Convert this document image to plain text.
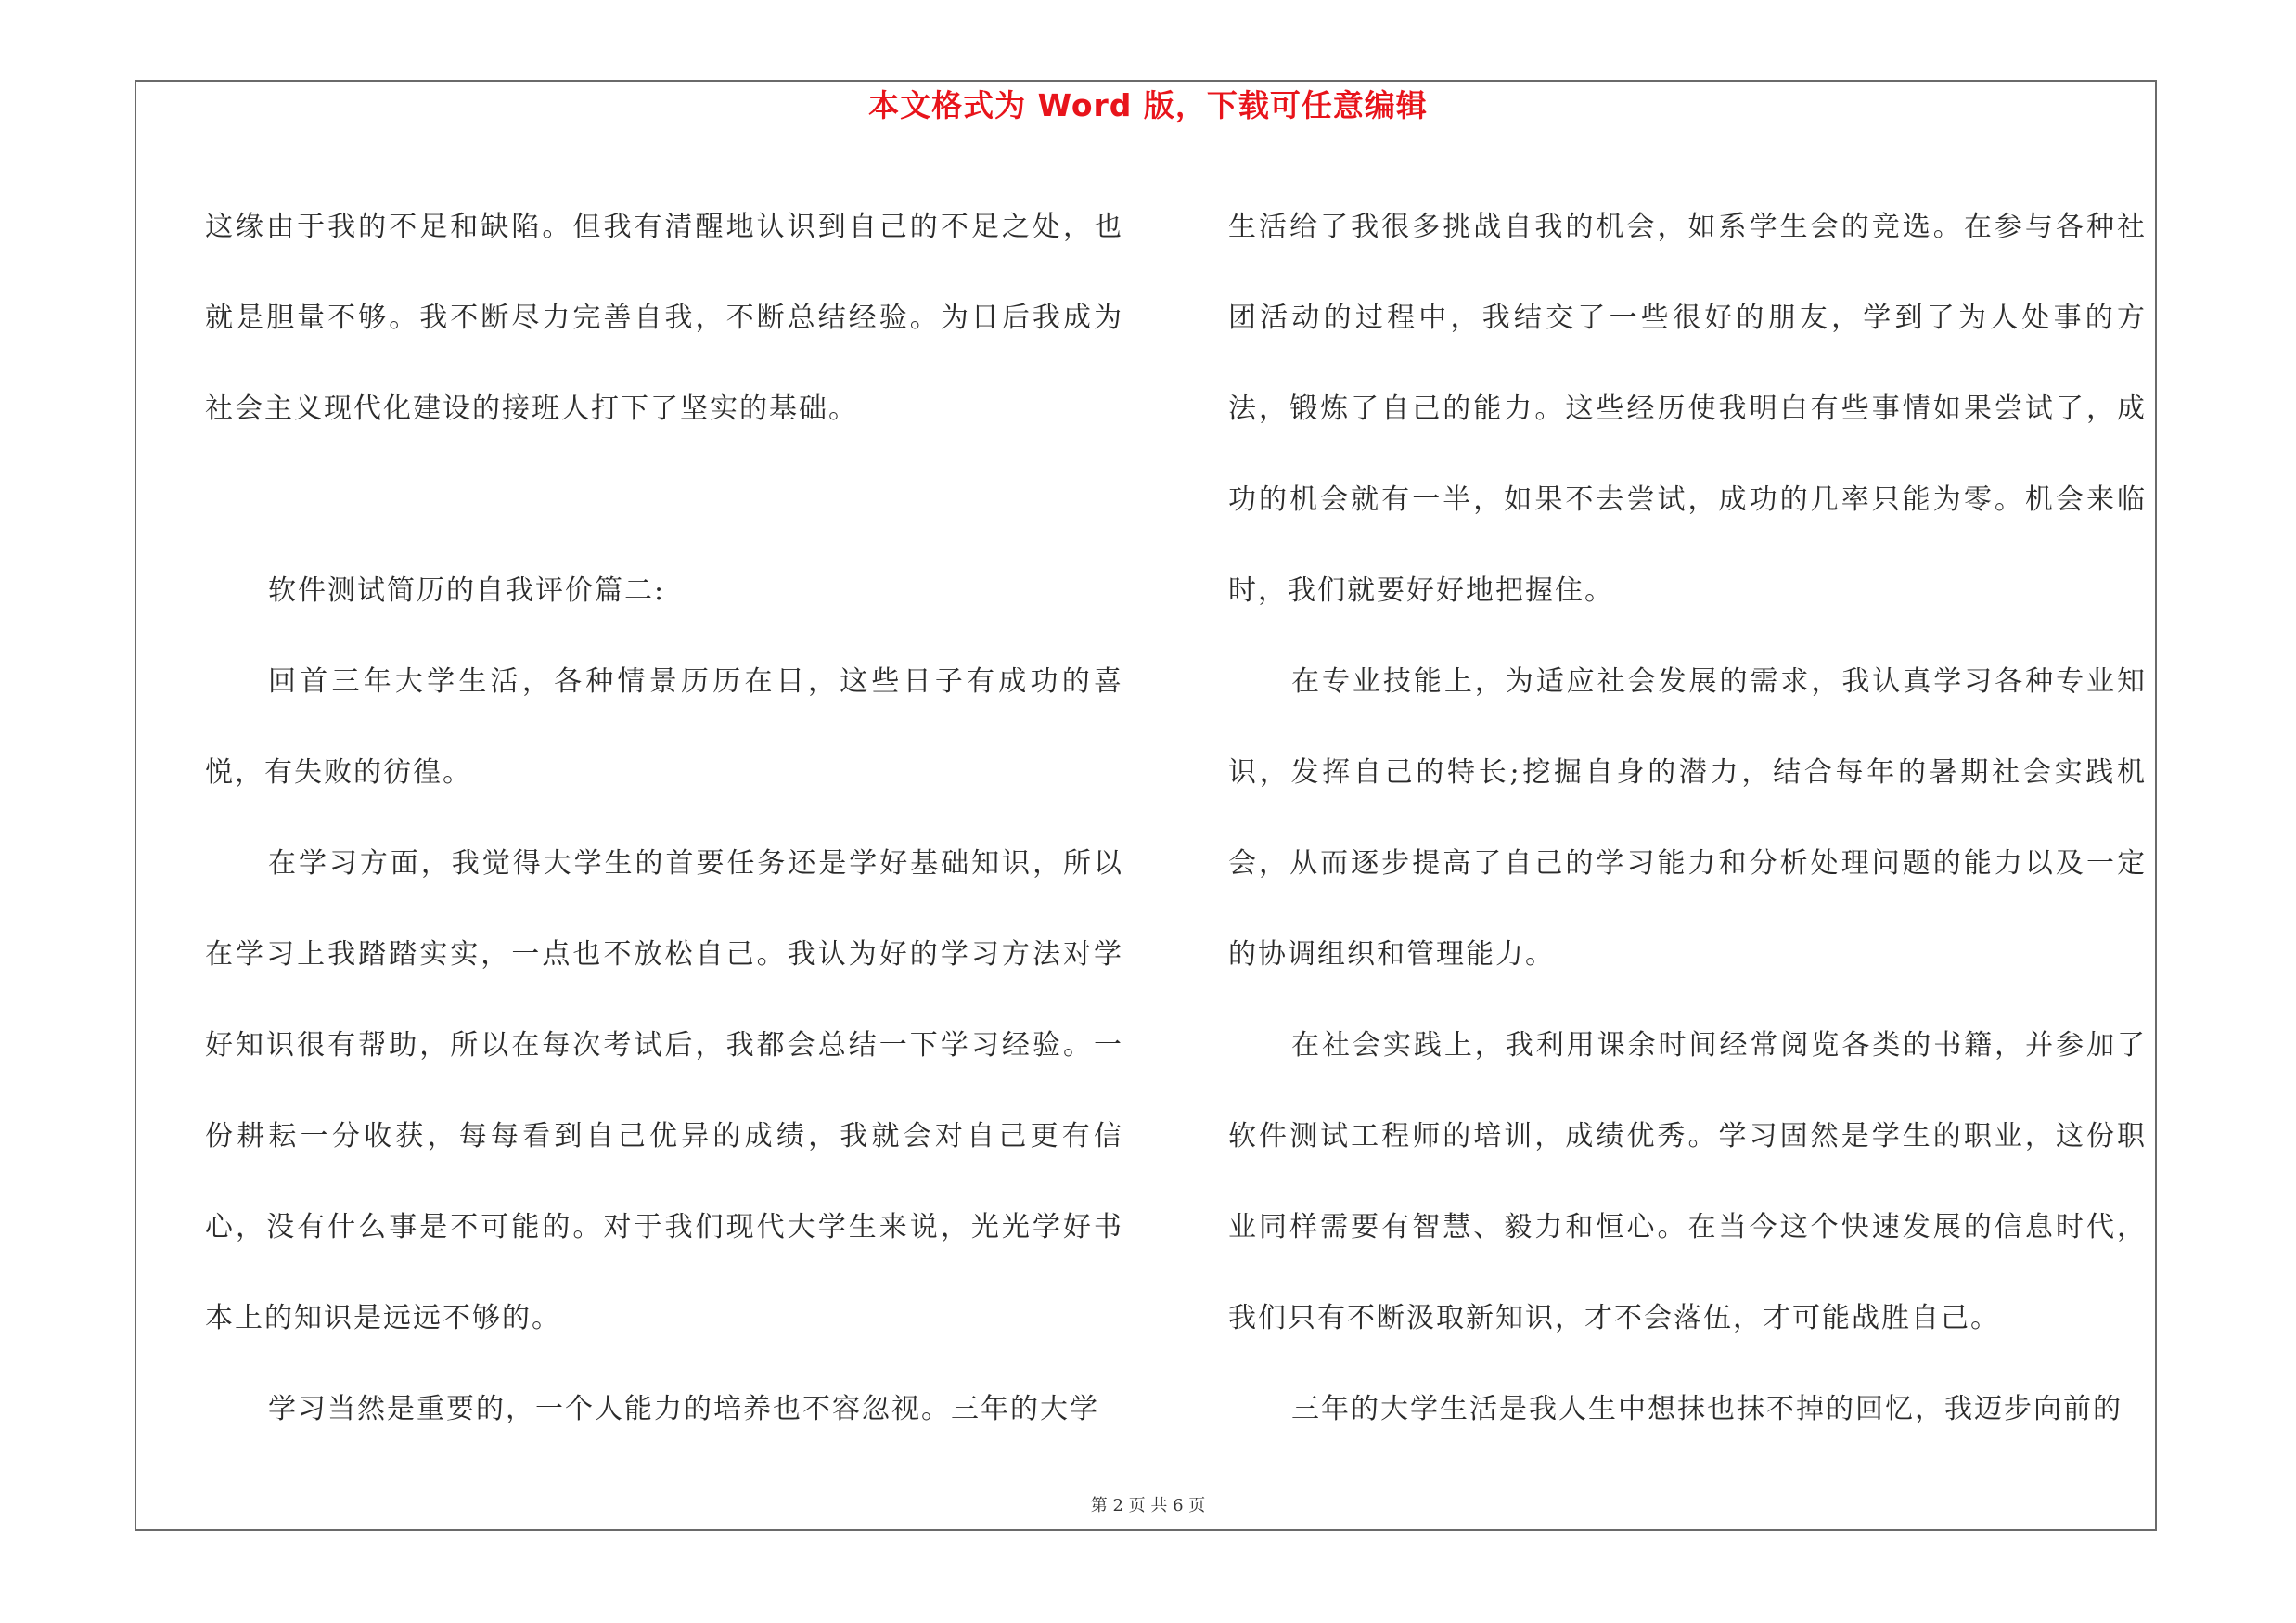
本文格式为 Word 版，下载可任意编辑

这缘由于我的不足和缺陷。但我有清醒地认识到自己的不足之处，也就是胆量不够。我不断尽力完善自我，不断总结经验。为日后我成为社会主义现代化建设的接班人打下了坚实的基础。

软件测试简历的自我评价篇二:

回首三年大学生活，各种情景历历在目，这些日子有成功的喜悦，有失败的彷徨。

在学习方面，我觉得大学生的首要任务还是学好基础知识，所以在学习上我踏踏实实，一点也不放松自己。我认为好的学习方法对学好知识很有帮助，所以在每次考试后，我都会总结一下学习经验。一份耕耘一分收获，每每看到自己优异的成绩，我就会对自己更有信心，没有什么事是不可能的。对于我们现代大学生来说，光光学好书本上的知识是远远不够的。

学习当然是重要的，一个人能力的培养也不容忽视。三年的大学

生活给了我很多挑战自我的机会，如系学生会的竞选。在参与各种社团活动的过程中，我结交了一些很好的朋友，学到了为人处事的方法，锻炼了自己的能力。这些经历使我明白有些事情如果尝试了，成功的机会就有一半，如果不去尝试，成功的几率只能为零。机会来临时，我们就要好好地把握住。

在专业技能上，为适应社会发展的需求，我认真学习各种专业知识，发挥自己的特长;挖掘自身的潜力，结合每年的暑期社会实践机会，从而逐步提高了自己的学习能力和分析处理问题的能力以及一定的协调组织和管理能力。

在社会实践上，我利用课余时间经常阅览各类的书籍，并参加了软件测试工程师的培训，成绩优秀。学习固然是学生的职业，这份职业同样需要有智慧、毅力和恒心。在当今这个快速发展的信息时代，我们只有不断汲取新知识，才不会落伍，才可能战胜自己。

三年的大学生活是我人生中想抹也抹不掉的回忆，我迈步向前的

第 2 页 共 6 页
